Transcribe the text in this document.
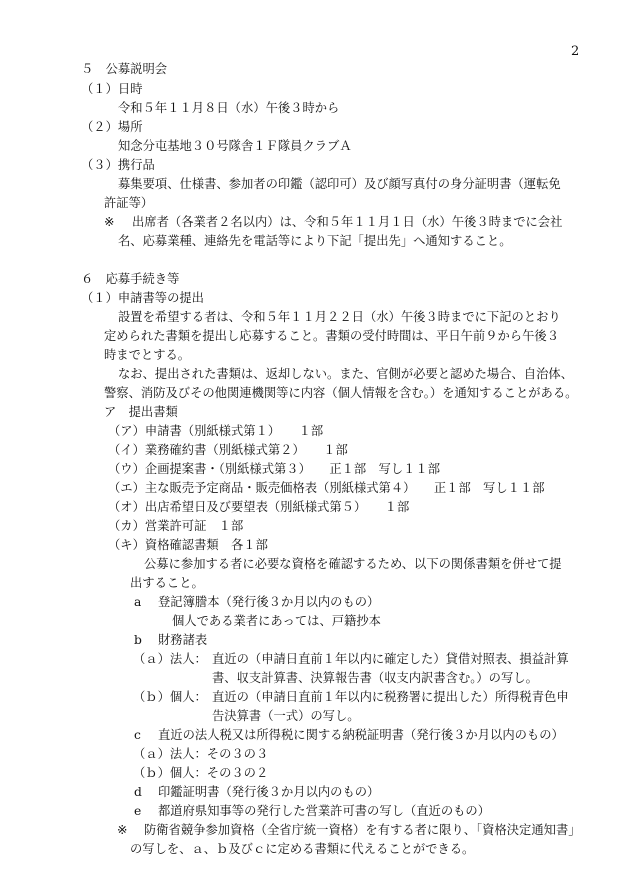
2
５　公募説明会
（１）日時
令和５年１１月８日（水）午後３時から
（２）場所
知念分屯基地３０号隊舎１Ｆ隊員クラブＡ
（３）携行品
募集要項、仕様書、参加者の印鑑（認印可）及び顔写真付の身分証明書（運転免
許証等）
※ 出席者（各業者２名以内）は、令和５年１１月１日（水）午後３時までに会社
名、応募業種、連絡先を電話等により下記「提出先」へ通知すること。
６　応募手続き等
（１）申請書等の提出
設置を希望する者は、令和５年１１月２２日（水）午後３時までに下記のとおり
定められた書類を提出し応募すること。書類の受付時間は、平日午前９から午後３
時までとする。
なお、提出された書類は、返却しない。また、官側が必要と認めた場合、自治体、
警察、消防及びその他関連機関等に内容（個人情報を含む。）を通知することがある。
ア　提出書類
（ア）申請書（別紙様式第１）　　１部
（イ）業務確約書（別紙様式第２）　　１部
（ウ）企画提案書・（別紙様式第３）　　正１部　写し１１部
（エ）主な販売予定商品・販売価格表（別紙様式第４）　　正１部　写し１１部
（オ）出店希望日及び要望表（別紙様式第５）　　１部
（カ）営業許可証　１部
（キ）資格確認書類　各１部
公募に参加する者に必要な資格を確認するため、以下の関係書類を併せて提
出すること。
a 登記簿謄本（発行後３か月以内のもの）
個人である業者にあっては、戸籍抄本
b 財務諸表
（ａ）法人： 直近の（申請日直前１年以内に確定した）貸借対照表、損益計算
書、収支計算書、決算報告書（収支内訳書含む。）の写し。
（ｂ）個人： 直近の（申請日直前１年以内に税務署に提出した）所得税青色申
告決算書（一式）の写し。
c 直近の法人税又は所得税に関する納税証明書（発行後３か月以内のもの）
（ａ）法人：その３の３
（ｂ）個人：その３の２
d 印鑑証明書（発行後３か月以内のもの）
e 都道府県知事等の発行した営業許可書の写し（直近のもの）
※ 防衛省競争参加資格（全省庁統一資格）を有する者に限り、「資格決定通知書」
の写しを、ａ、ｂ及びｃに定める書類に代えることができる。
